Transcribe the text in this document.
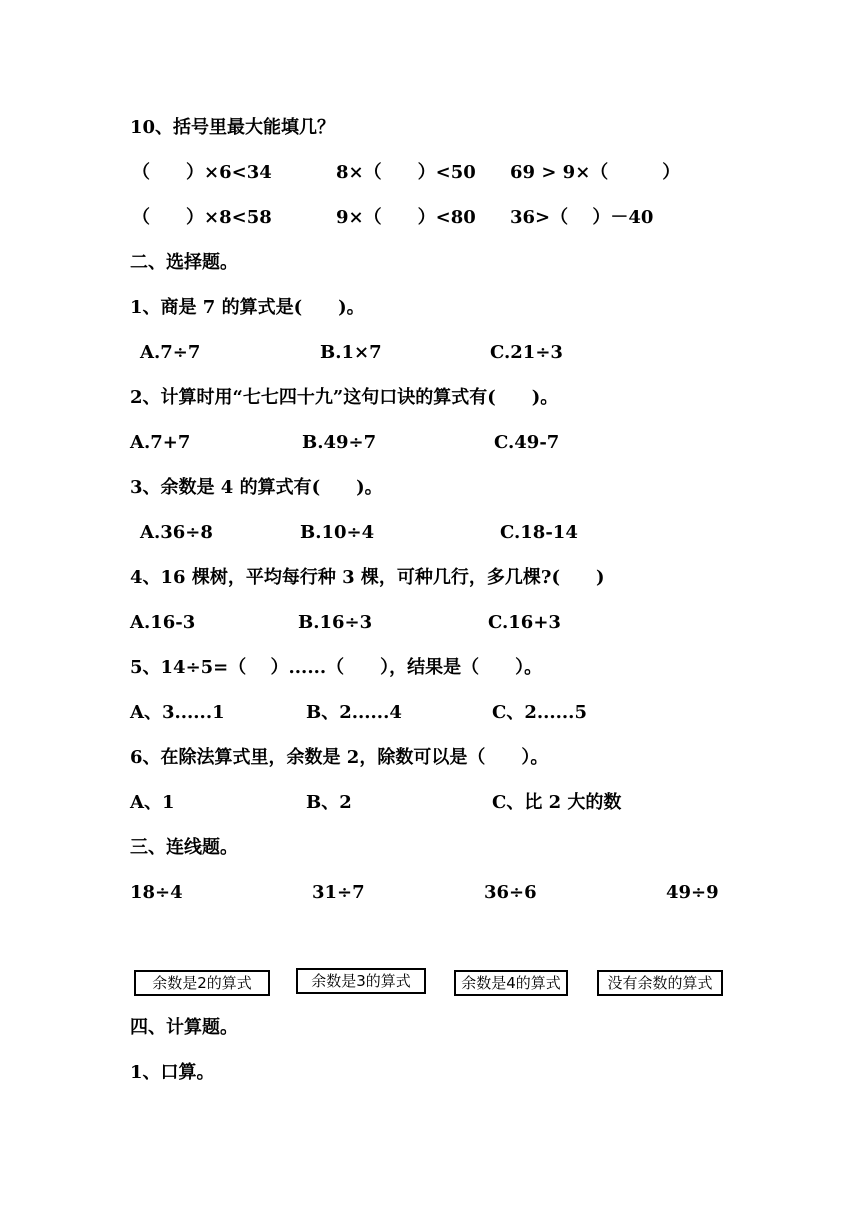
10、括号里最大能填几？
（　　）×6<34	8×（　　）<50 69 > 9×（　　　）
（　　）×8<58	9×（　　）<80 36>（　 ）－40
二、选择题。
1、商是 7 的算式是(　　)。
A.7÷7	B.1×7	C.21÷3
2、计算时用“七七四十九”这句口诀的算式有(　　)。
A.7+7	B.49÷7	C.49-7
3、余数是 4 的算式有(　　)。
A.36÷8	B.10÷4	C.18-14
4、16 棵树，平均每行种 3 棵，可种几行，多几棵?(　　)
A.16-3	B.16÷3	C.16+3
5、14÷5=（　 ）......（　　），结果是（　　）。
A、3......1	B、2......4	C、2......5
6、在除法算式里，余数是 2，除数可以是（　　）。
A、1	B、2	C、比 2 大的数
三、连线题。
18÷4	31÷7	36÷6	49÷9
余数是2的算式	余数是3的算式	余数是4的算式	没有余数的算式
四、计算题。
1、口算。
